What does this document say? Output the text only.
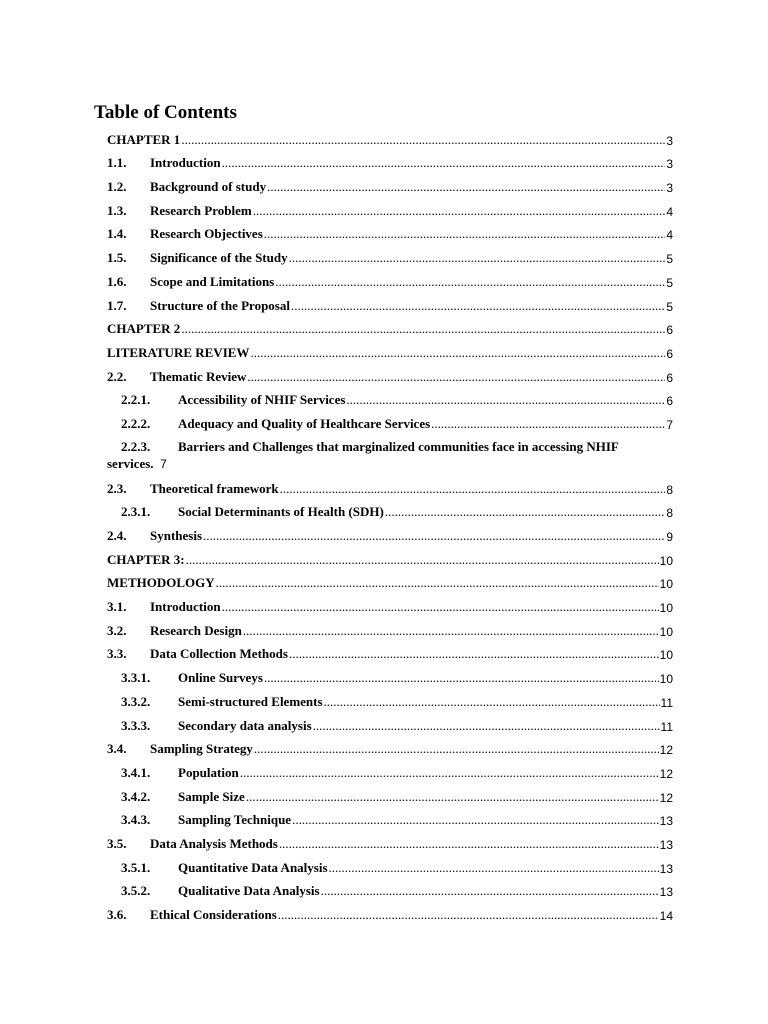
Table of Contents
CHAPTER 1 .....	3
1.1.	Introduction .....	3
1.2.	Background of study .....	3
1.3.	Research Problem .....	4
1.4.	Research Objectives .....	4
1.5.	Significance of the Study .....	5
1.6.	Scope and Limitations .....	5
1.7.	Structure of the Proposal .....	5
CHAPTER 2 .....	6
LITERATURE REVIEW .....	6
2.2.	Thematic Review .....	6
2.2.1.	Accessibility of NHIF Services .....	6
2.2.2.	Adequacy and Quality of Healthcare Services .....	7
2.2.3. Barriers and Challenges that marginalized communities face in accessing NHIF
services. 7
2.3.	Theoretical framework .....	8
2.3.1.	Social Determinants of Health (SDH) .....	8
2.4.	Synthesis .....	9
CHAPTER 3: .....	10
METHODOLOGY .....	10
3.1.	Introduction .....	10
3.2.	Research Design .....	10
3.3.	Data Collection Methods .....	10
3.3.1.	Online Surveys .....	10
3.3.2.	Semi-structured Elements .....	11
3.3.3.	Secondary data analysis .....	11
3.4.	Sampling Strategy .....	12
3.4.1.	Population .....	12
3.4.2.	Sample Size .....	12
3.4.3.	Sampling Technique .....	13
3.5.	Data Analysis Methods .....	13
3.5.1.	Quantitative Data Analysis .....	13
3.5.2.	Qualitative Data Analysis .....	13
3.6.	Ethical Considerations .....	14
